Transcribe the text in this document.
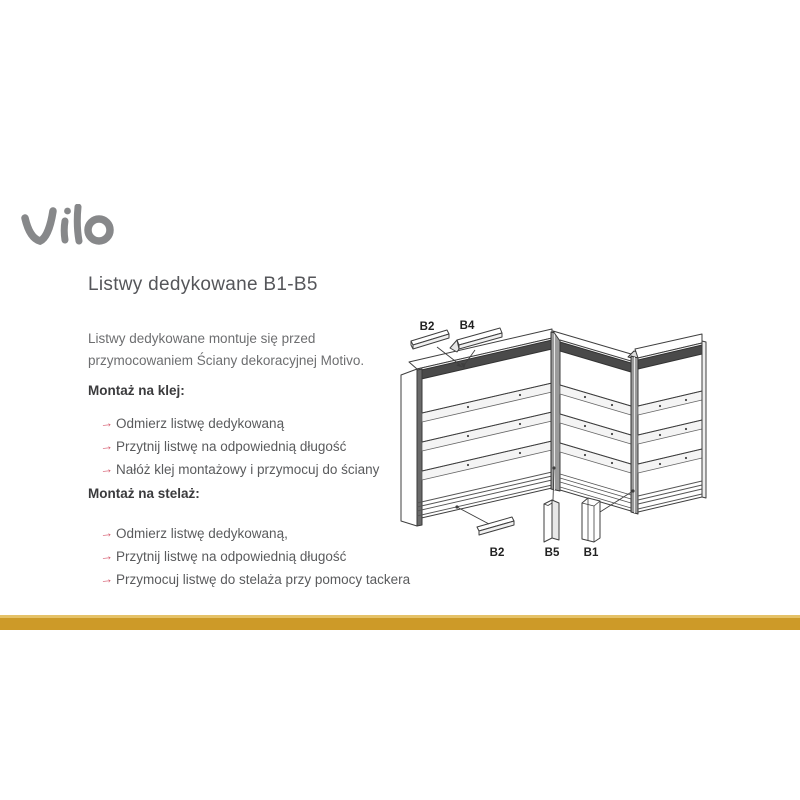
Listwy dedykowane B1-B5
Listwy dedykowane montuje się przed
przymocowaniem Ściany dekoracyjnej Motivo.
Montaż na klej:
→ Odmierz listwę dedykowaną
→ Przytnij listwę na odpowiednią długość
→ Nałóż klej montażowy i przymocuj do ściany
Montaż na stelaż:
→ Odmierz listwę dedykowaną,
→ Przytnij listwę na odpowiednią długość
→ Przymocuj listwę do stelaża przy pomocy tackera
B2 B4
B2	B5 B1
